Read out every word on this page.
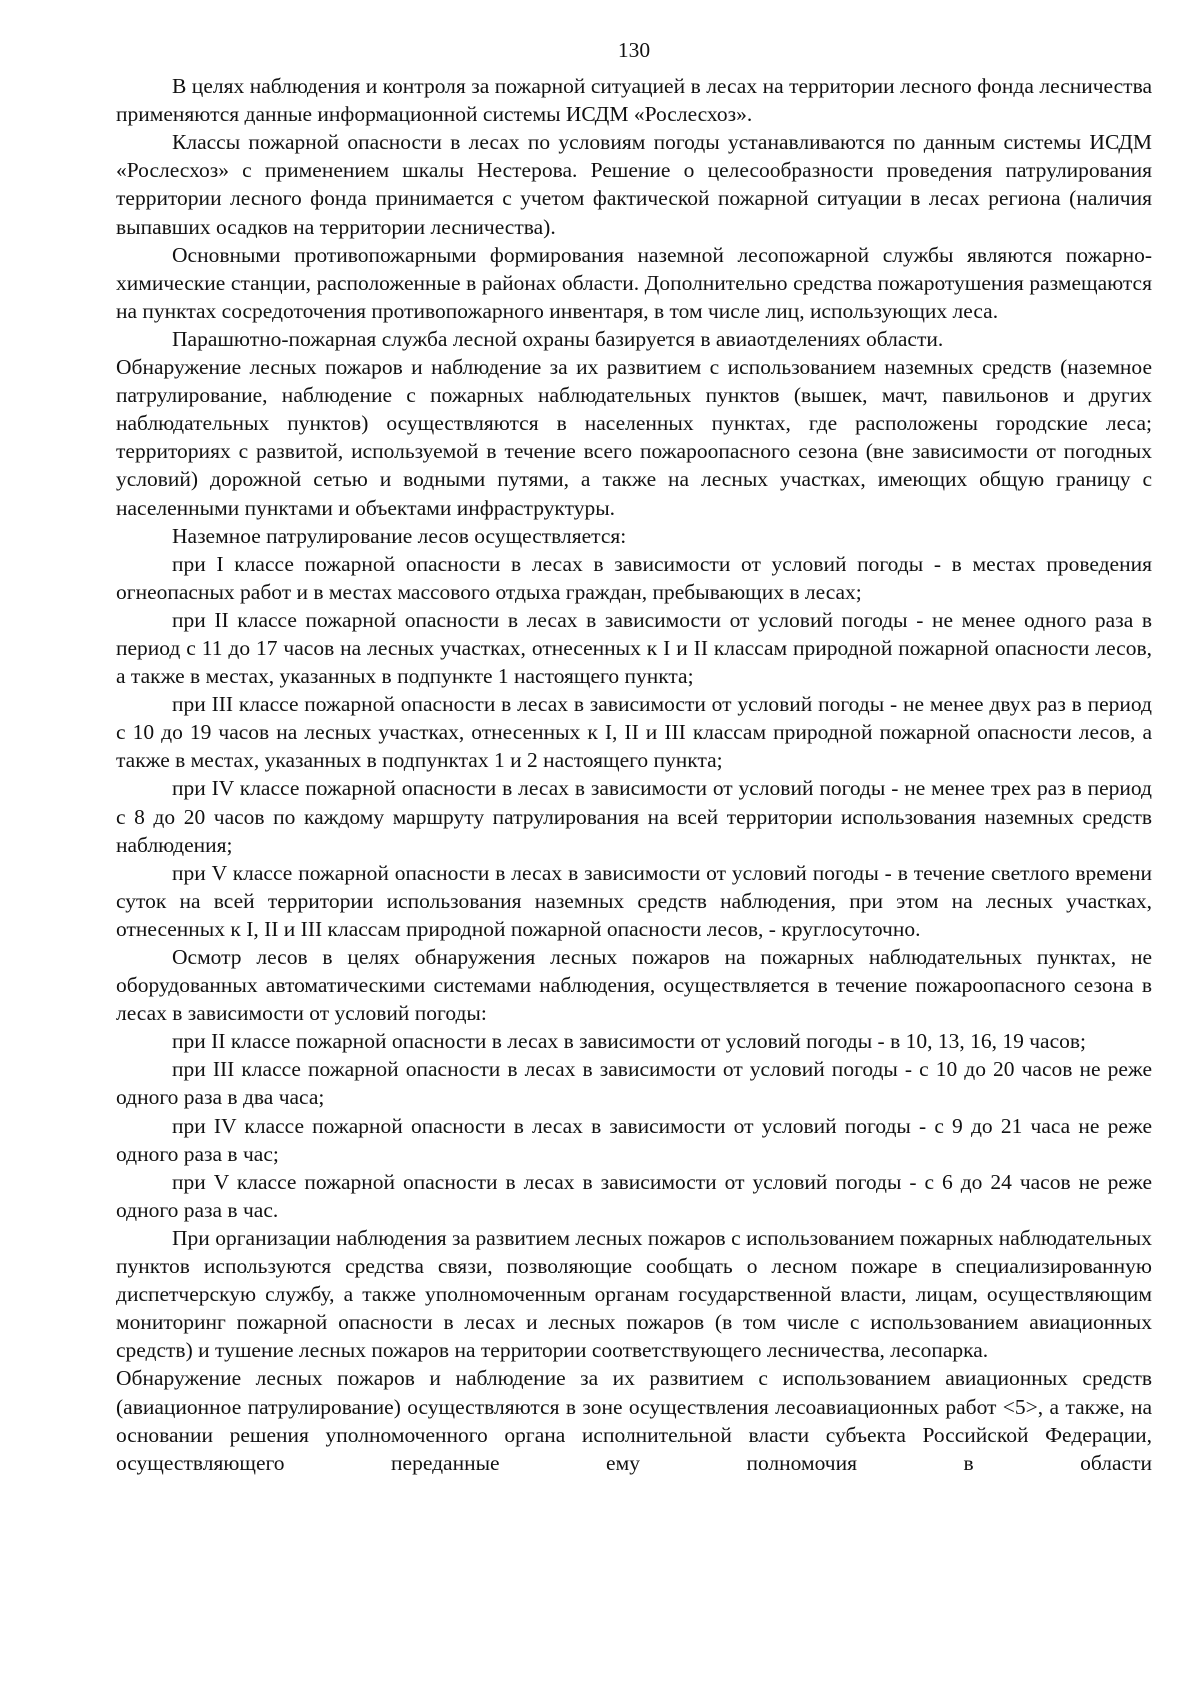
130

В целях наблюдения и контроля за пожарной ситуацией в лесах на территории лесного фонда лесничества применяются данные информационной системы ИСДМ «Рослесхоз».

Классы пожарной опасности в лесах по условиям погоды устанавливаются по данным системы ИСДМ «Рослесхоз» с применением шкалы Нестерова. Решение о целесообразности проведения патрулирования территории лесного фонда принимается с учетом фактической пожарной ситуации в лесах региона (наличия выпавших осадков на территории лесничества).

Основными противопожарными формирования наземной лесопожарной службы являются пожарно-химические станции, расположенные в районах области. Дополнительно средства пожаротушения размещаются на пунктах сосредоточения противопожарного инвентаря, в том числе лиц, использующих леса.

Парашютно-пожарная служба лесной охраны базируется в авиаотделениях области.

Обнаружение лесных пожаров и наблюдение за их развитием с использованием наземных средств (наземное патрулирование, наблюдение с пожарных наблюдательных пунктов (вышек, мачт, павильонов и других наблюдательных пунктов) осуществляются в населенных пунктах, где расположены городские леса; территориях с развитой, используемой в течение всего пожароопасного сезона (вне зависимости от погодных условий) дорожной сетью и водными путями, а также на лесных участках, имеющих общую границу с населенными пунктами и объектами инфраструктуры.

Наземное патрулирование лесов осуществляется:

при I классе пожарной опасности в лесах в зависимости от условий погоды - в местах проведения огнеопасных работ и в местах массового отдыха граждан, пребывающих в лесах;

при II классе пожарной опасности в лесах в зависимости от условий погоды - не менее одного раза в период с 11 до 17 часов на лесных участках, отнесенных к I и II классам природной пожарной опасности лесов, а также в местах, указанных в подпункте 1 настоящего пункта;

при III классе пожарной опасности в лесах в зависимости от условий погоды - не менее двух раз в период с 10 до 19 часов на лесных участках, отнесенных к I, II и III классам природной пожарной опасности лесов, а также в местах, указанных в подпунктах 1 и 2 настоящего пункта;

при IV классе пожарной опасности в лесах в зависимости от условий погоды - не менее трех раз в период с 8 до 20 часов по каждому маршруту патрулирования на всей территории использования наземных средств наблюдения;

при V классе пожарной опасности в лесах в зависимости от условий погоды - в течение светлого времени суток на всей территории использования наземных средств наблюдения, при этом на лесных участках, отнесенных к I, II и III классам природной пожарной опасности лесов, - круглосуточно.

Осмотр лесов в целях обнаружения лесных пожаров на пожарных наблюдательных пунктах, не оборудованных автоматическими системами наблюдения, осуществляется в течение пожароопасного сезона в лесах в зависимости от условий погоды:

при II классе пожарной опасности в лесах в зависимости от условий погоды - в 10, 13, 16, 19 часов;

при III классе пожарной опасности в лесах в зависимости от условий погоды - с 10 до 20 часов не реже одного раза в два часа;

при IV классе пожарной опасности в лесах в зависимости от условий погоды - с 9 до 21 часа не реже одного раза в час;

при V классе пожарной опасности в лесах в зависимости от условий погоды - с 6 до 24 часов не реже одного раза в час.

При организации наблюдения за развитием лесных пожаров с использованием пожарных наблюдательных пунктов используются средства связи, позволяющие сообщать о лесном пожаре в специализированную диспетчерскую службу, а также уполномоченным органам государственной власти, лицам, осуществляющим мониторинг пожарной опасности в лесах и лесных пожаров (в том числе с использованием авиационных средств) и тушение лесных пожаров на территории соответствующего лесничества, лесопарка.

Обнаружение лесных пожаров и наблюдение за их развитием с использованием авиационных средств (авиационное патрулирование) осуществляются в зоне осуществления лесоавиационных работ <5>, а также, на основании решения уполномоченного органа исполнительной власти субъекта Российской Федерации, осуществляющего переданные ему полномочия в области
